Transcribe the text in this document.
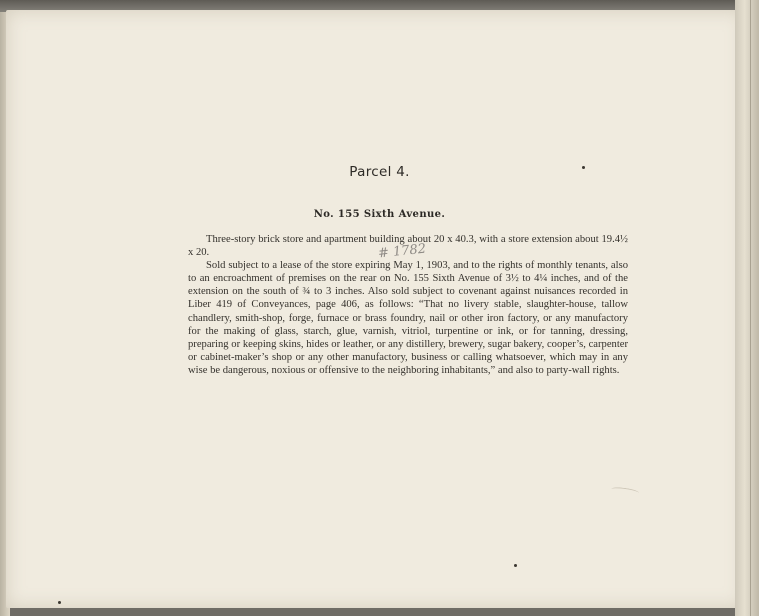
Parcel 4.
No. 155 Sixth Avenue.

Three-story brick store and apartment building about 20 x 40.3, with a store extension about 19.4½ x 20.

Sold subject to a lease of the store expiring May 1, 1903, and to the rights of monthly tenants, also to an encroachment of premises on the rear on No. 155 Sixth Avenue of 3½ to 4¼ inches, and of the extension on the south of ¾ to 3 inches. Also sold subject to covenant against nuisances recorded in Liber 419 of Conveyances, page 406, as follows: “That no livery stable, slaughter-house, tallow chandlery, smith-shop, forge, furnace or brass foundry, nail or other iron factory, or any manufactory for the making of glass, starch, glue, varnish, vitriol, turpentine or ink, or for tanning, dressing, preparing or keeping skins, hides or leather, or any distillery, brewery, sugar bakery, cooper’s, carpenter or cabinet-maker’s shop or any other manufactory, business or calling whatsoever, which may in any wise be dangerous, noxious or offensive to the neighboring inhabitants,” and also to party-wall rights.

# 1782
